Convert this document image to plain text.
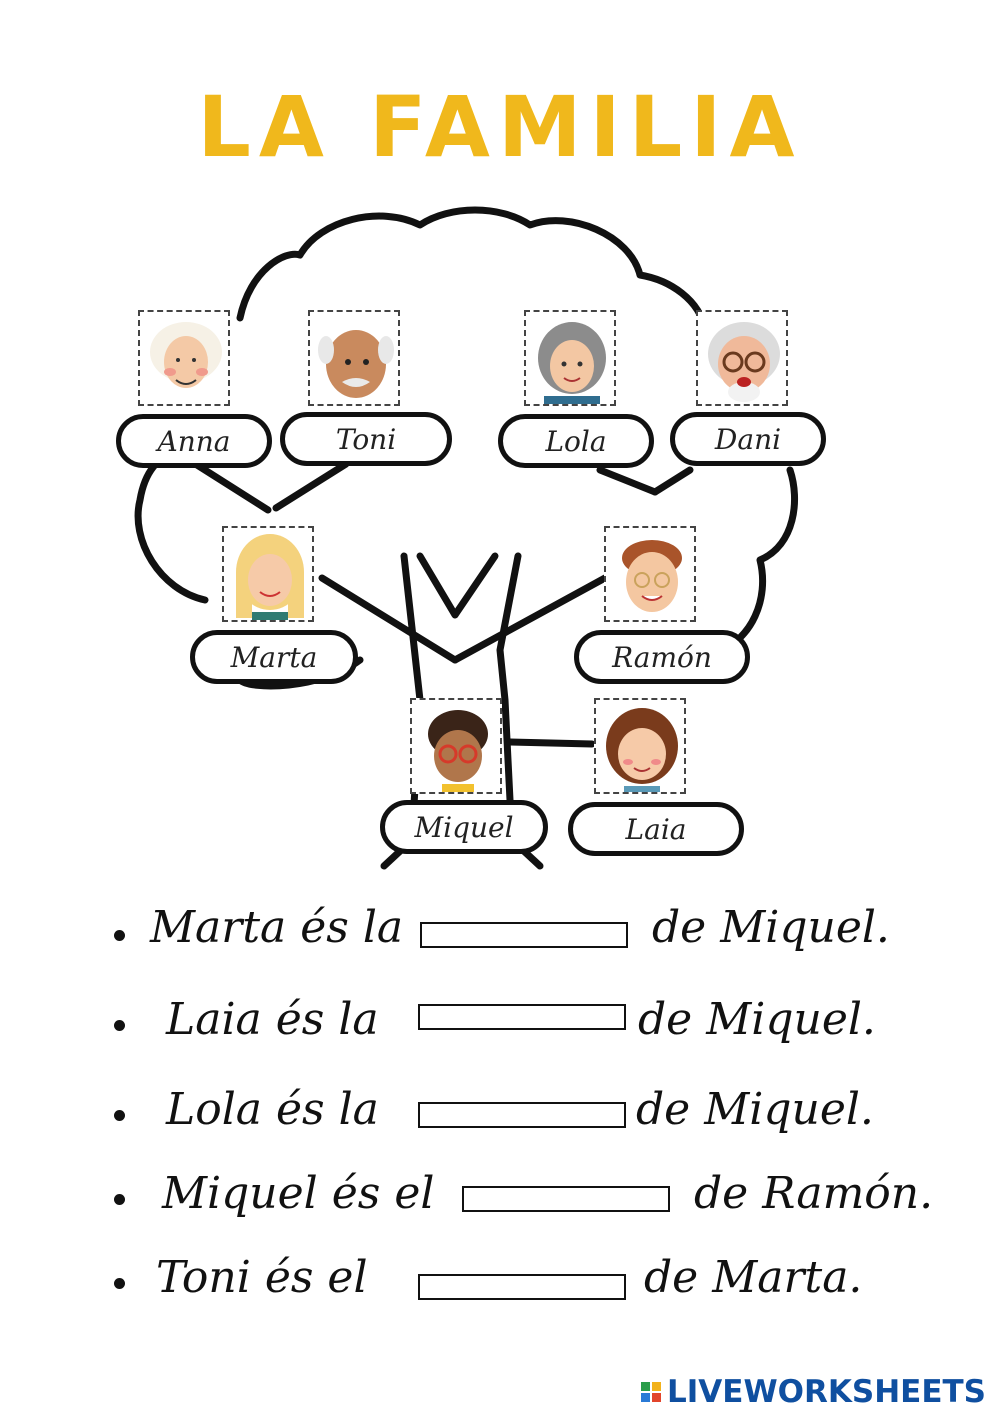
LA FAMILIA
Anna	Toni	Lola	Dani
Marta	Ramón
Miquel	Laia
Marta és la	de Miquel.
Laia és la	de Miquel.
Lola és la	de Miquel.
Miquel és el	de Ramón.
Toni és el	de Marta.
LIVEWORKSHEETS
